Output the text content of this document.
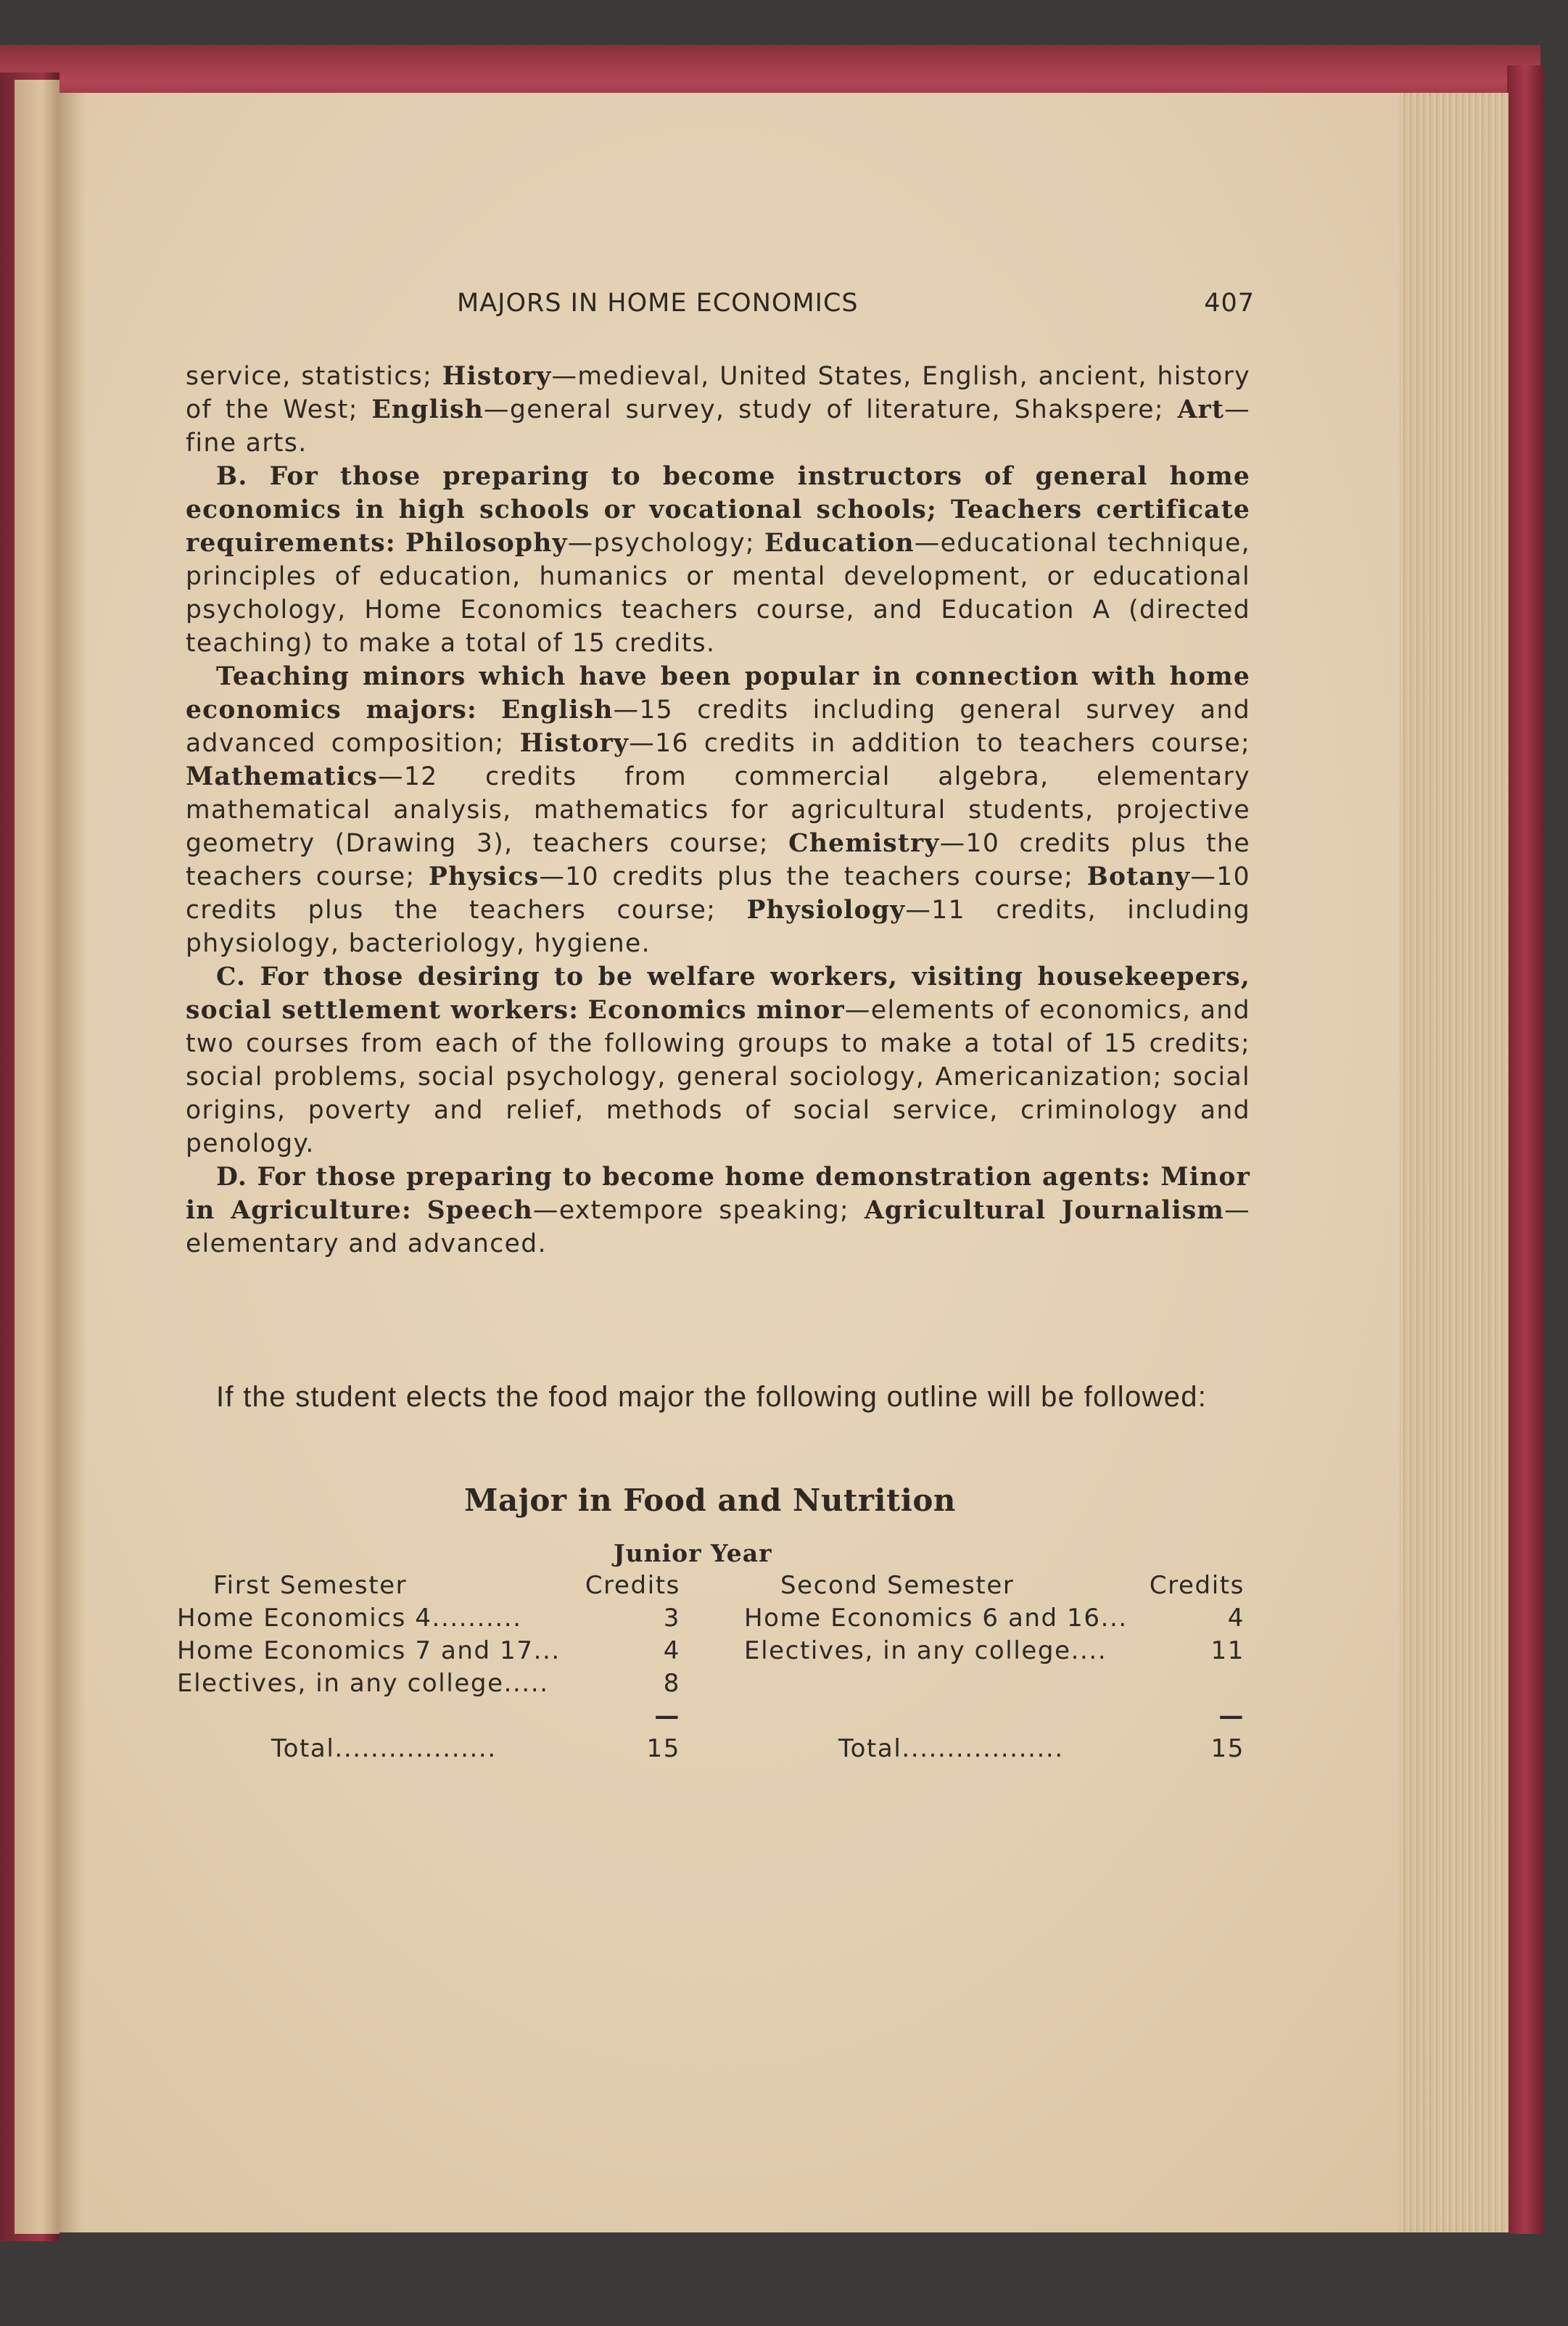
MAJORS IN HOME ECONOMICS	407

service, statistics; History—medieval, United States, English, ancient, history of the West; English—general survey, study of literature, Shakspere; Art—fine arts.

B. For those preparing to become instructors of general home economics in high schools or vocational schools; Teachers certificate requirements: Philosophy—psychology; Education—educational technique, principles of education, humanics or mental development, or educational psychology, Home Economics teachers course, and Education A (directed teaching) to make a total of 15 credits.

Teaching minors which have been popular in connection with home economics majors: English—15 credits including general survey and advanced composition; History—16 credits in addition to teachers course; Mathematics—12 credits from commercial algebra, elementary mathematical analysis, mathematics for agricultural students, projective geometry (Drawing 3), teachers course; Chemistry—10 credits plus the teachers course; Physics—10 credits plus the teachers course; Botany—10 credits plus the teachers course; Physiology—11 credits, including physiology, bacteriology, hygiene.

C. For those desiring to be welfare workers, visiting housekeepers, social settlement workers: Economics minor—elements of economics, and two courses from each of the following groups to make a total of 15 credits; social problems, social psychology, general sociology, Americanization; social origins, poverty and relief, methods of social service, criminology and penology.

D. For those preparing to become home demonstration agents: Minor in Agriculture: Speech—extempore speaking; Agricultural Journalism—elementary and advanced.

If the student elects the food major the following outline will be followed:
Major in Food and Nutrition
Junior Year
First Semester	Credits
Home Economics 4..........	3
Home Economics 7 and 17...	4
Electives, in any college.....	8
—
Total..................	15
Second Semester	Credits
Home Economics 6 and 16...	4
Electives, in any college....	11
—
Total..................	15
